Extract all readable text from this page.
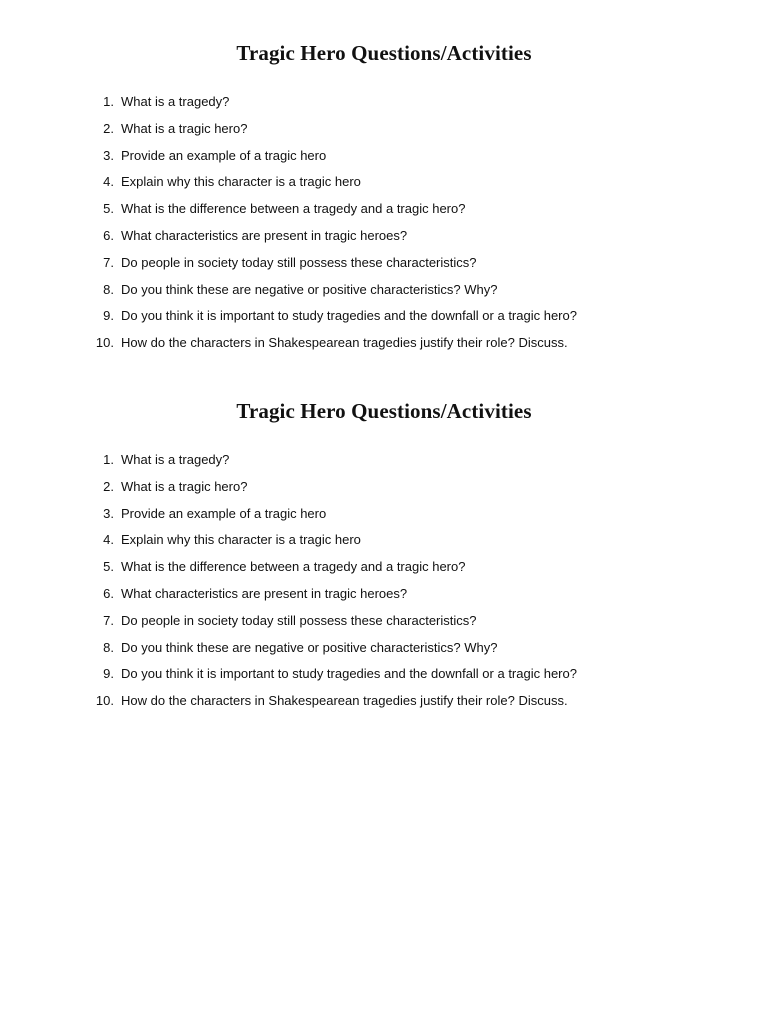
Tragic Hero Questions/Activities
1. What is a tragedy?
2. What is a tragic hero?
3. Provide an example of a tragic hero
4. Explain why this character is a tragic hero
5. What is the difference between a tragedy and a tragic hero?
6. What characteristics are present in tragic heroes?
7. Do people in society today still possess these characteristics?
8. Do you think these are negative or positive characteristics? Why?
9. Do you think it is important to study tragedies and the downfall or a tragic hero?
10. How do the characters in Shakespearean tragedies justify their role? Discuss.
Tragic Hero Questions/Activities
1. What is a tragedy?
2. What is a tragic hero?
3. Provide an example of a tragic hero
4. Explain why this character is a tragic hero
5. What is the difference between a tragedy and a tragic hero?
6. What characteristics are present in tragic heroes?
7. Do people in society today still possess these characteristics?
8. Do you think these are negative or positive characteristics? Why?
9. Do you think it is important to study tragedies and the downfall or a tragic hero?
10. How do the characters in Shakespearean tragedies justify their role? Discuss.
